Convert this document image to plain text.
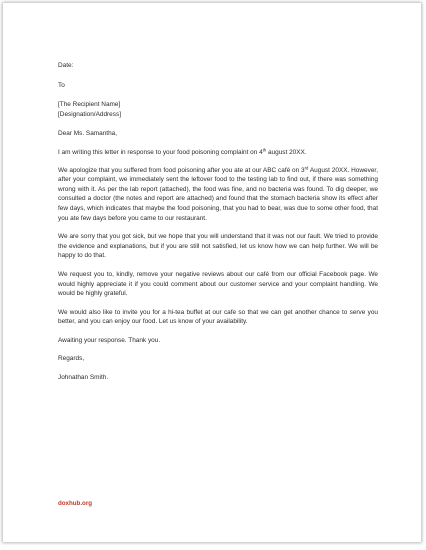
Date:
To
[The Recipient Name]
[Designation/Address]
Dear Ms. Samantha,
I am writing this letter in response to your food poisoning complaint on 4th august 20XX.
We apologize that you suffered from food poisoning after you ate at our ABC café on 3rd August 20XX. However, after your complaint, we immediately sent the leftover food to the testing lab to find out, if there was something wrong with it. As per the lab report (attached), the food was fine, and no bacteria was found. To dig deeper, we consulted a doctor (the notes and report are attached) and found that the stomach bacteria show its effect after few days, which indicates that maybe the food poisoning, that you had to bear, was due to some other food, that you ate few days before you came to our restaurant.
We are sorry that you got sick, but we hope that you will understand that it was not our fault. We tried to provide the evidence and explanations, but if you are still not satisfied, let us know how we can help further. We will be happy to do that.
We request you to, kindly, remove your negative reviews about our café from our official Facebook page. We would highly appreciate it if you could comment about our customer service and your complaint handling. We would be highly grateful.
We would also like to invite you for a hi-tea buffet at our cafe so that we can get another chance to serve you better, and you can enjoy our food. Let us know of your availability.
Awaiting your response. Thank you.
Regards,
Johnathan Smith.
doxhub.org
